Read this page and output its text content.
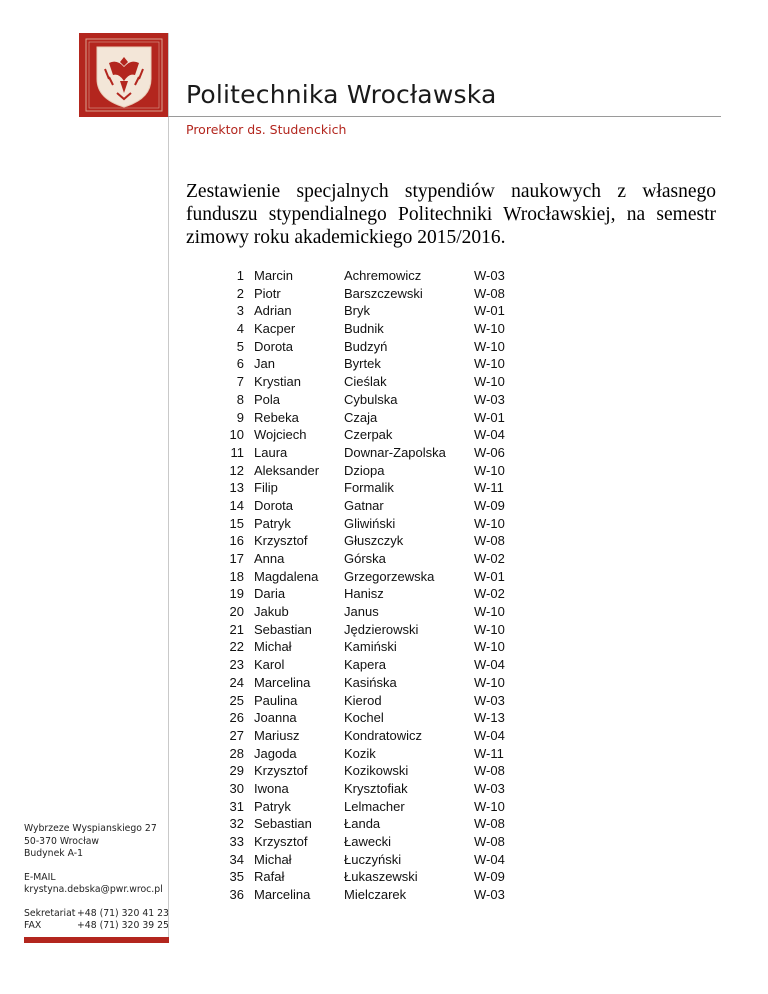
Politechnika Wrocławska
Prorektor ds. Studenckich
Zestawienie specjalnych stypendiów naukowych z własnego funduszu stypendialnego Politechniki Wrocławskiej, na semestr zimowy roku akademickiego 2015/2016.
1 Marcin	Achremowicz	W-03
2 Piotr	Barszczewski	W-08
3 Adrian	Bryk	W-01
4 Kacper	Budnik	W-10
5 Dorota	Budzyń	W-10
6 Jan	Byrtek	W-10
7 Krystian	Cieślak	W-10
8 Pola	Cybulska	W-03
9 Rebeka	Czaja	W-01
10 Wojciech	Czerpak	W-04
11 Laura	Downar-Zapolska	W-06
12 Aleksander	Dziopa	W-10
13 Filip	Formalik	W-11
14 Dorota	Gatnar	W-09
15 Patryk	Gliwiński	W-10
16 Krzysztof	Głuszczyk	W-08
17 Anna	Górska	W-02
18 Magdalena	Grzegorzewska	W-01
19 Daria	Hanisz	W-02
20 Jakub	Janus	W-10
21 Sebastian	Jędzierowski	W-10
22 Michał	Kamiński	W-10
23 Karol	Kapera	W-04
24 Marcelina	Kasińska	W-10
25 Paulina	Kierod	W-03
26 Joanna	Kochel	W-13
27 Mariusz	Kondratowicz	W-04
28 Jagoda	Kozik	W-11
29 Krzysztof	Kozikowski	W-08
30 Iwona	Krysztofiak	W-03
31 Patryk	Lelmacher	W-10
32 Sebastian	Łanda	W-08
33 Krzysztof	Ławecki	W-08
34 Michał	Łuczyński	W-04
35 Rafał	Łukaszewski	W-09
36 Marcelina	Mielczarek	W-03
Wybrzeze Wyspianskiego 27
50-370 Wrocław
Budynek A-1
E-MAIL
krystyna.debska@pwr.wroc.pl
Sekretariat +48 (71) 320 41 23
FAX	+48 (71) 320 39 25
